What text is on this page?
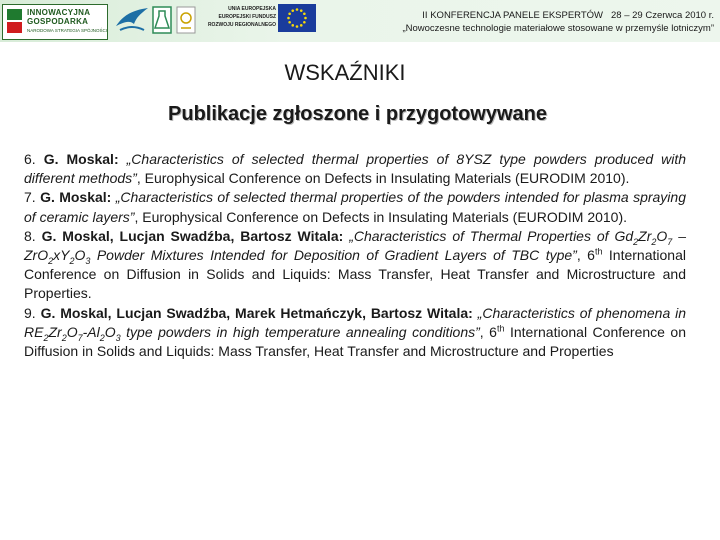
INNOWACYJNA
GOSPODARKA
NARODOWA STRATEGIA SPÓJNOŚCI
UNIA EUROPEJSKA
EUROPEJSKI FUNDUSZ
ROZWOJU REGIONALNEGO
II KONFERENCJA PANELE EKSPERTÓW 28 – 29 Czerwca 2010 r.
„Nowoczesne technologie materiałowe stosowane w przemyśle lotniczym”
WSKAŹNIKI
Publikacje zgłoszone i przygotowywane

6. G. Moskal: „Characteristics of selected thermal properties of 8YSZ type powders produced with different methods”, Europhysical Conference on Defects in Insulating Materials (EURODIM 2010).

7. G. Moskal: „Characteristics of selected thermal properties of the powders intended for plasma spraying of ceramic layers”, Europhysical Conference on Defects in Insulating Materials (EURODIM 2010).

8. G. Moskal, Lucjan Swadźba, Bartosz Witala: „Characteristics of Thermal Properties of $Gd_2Zr_2O_7 - ZrO_2xY_2O_3$ Powder Mixtures Intended for Deposition of Gradient Layers of TBC type”, 6th International Conference on Diffusion in Solids and Liquids: Mass Transfer, Heat Transfer and Microstructure and Properties.

9. G. Moskal, Lucjan Swadźba, Marek Hetmańczyk, Bartosz Witala: „Characteristics of phenomena in $RE_2Zr_2O_7-Al_2O_3$ type powders in high temperature annealing conditions”, 6th International Conference on Diffusion in Solids and Liquids: Mass Transfer, Heat Transfer and Microstructure and Properties
